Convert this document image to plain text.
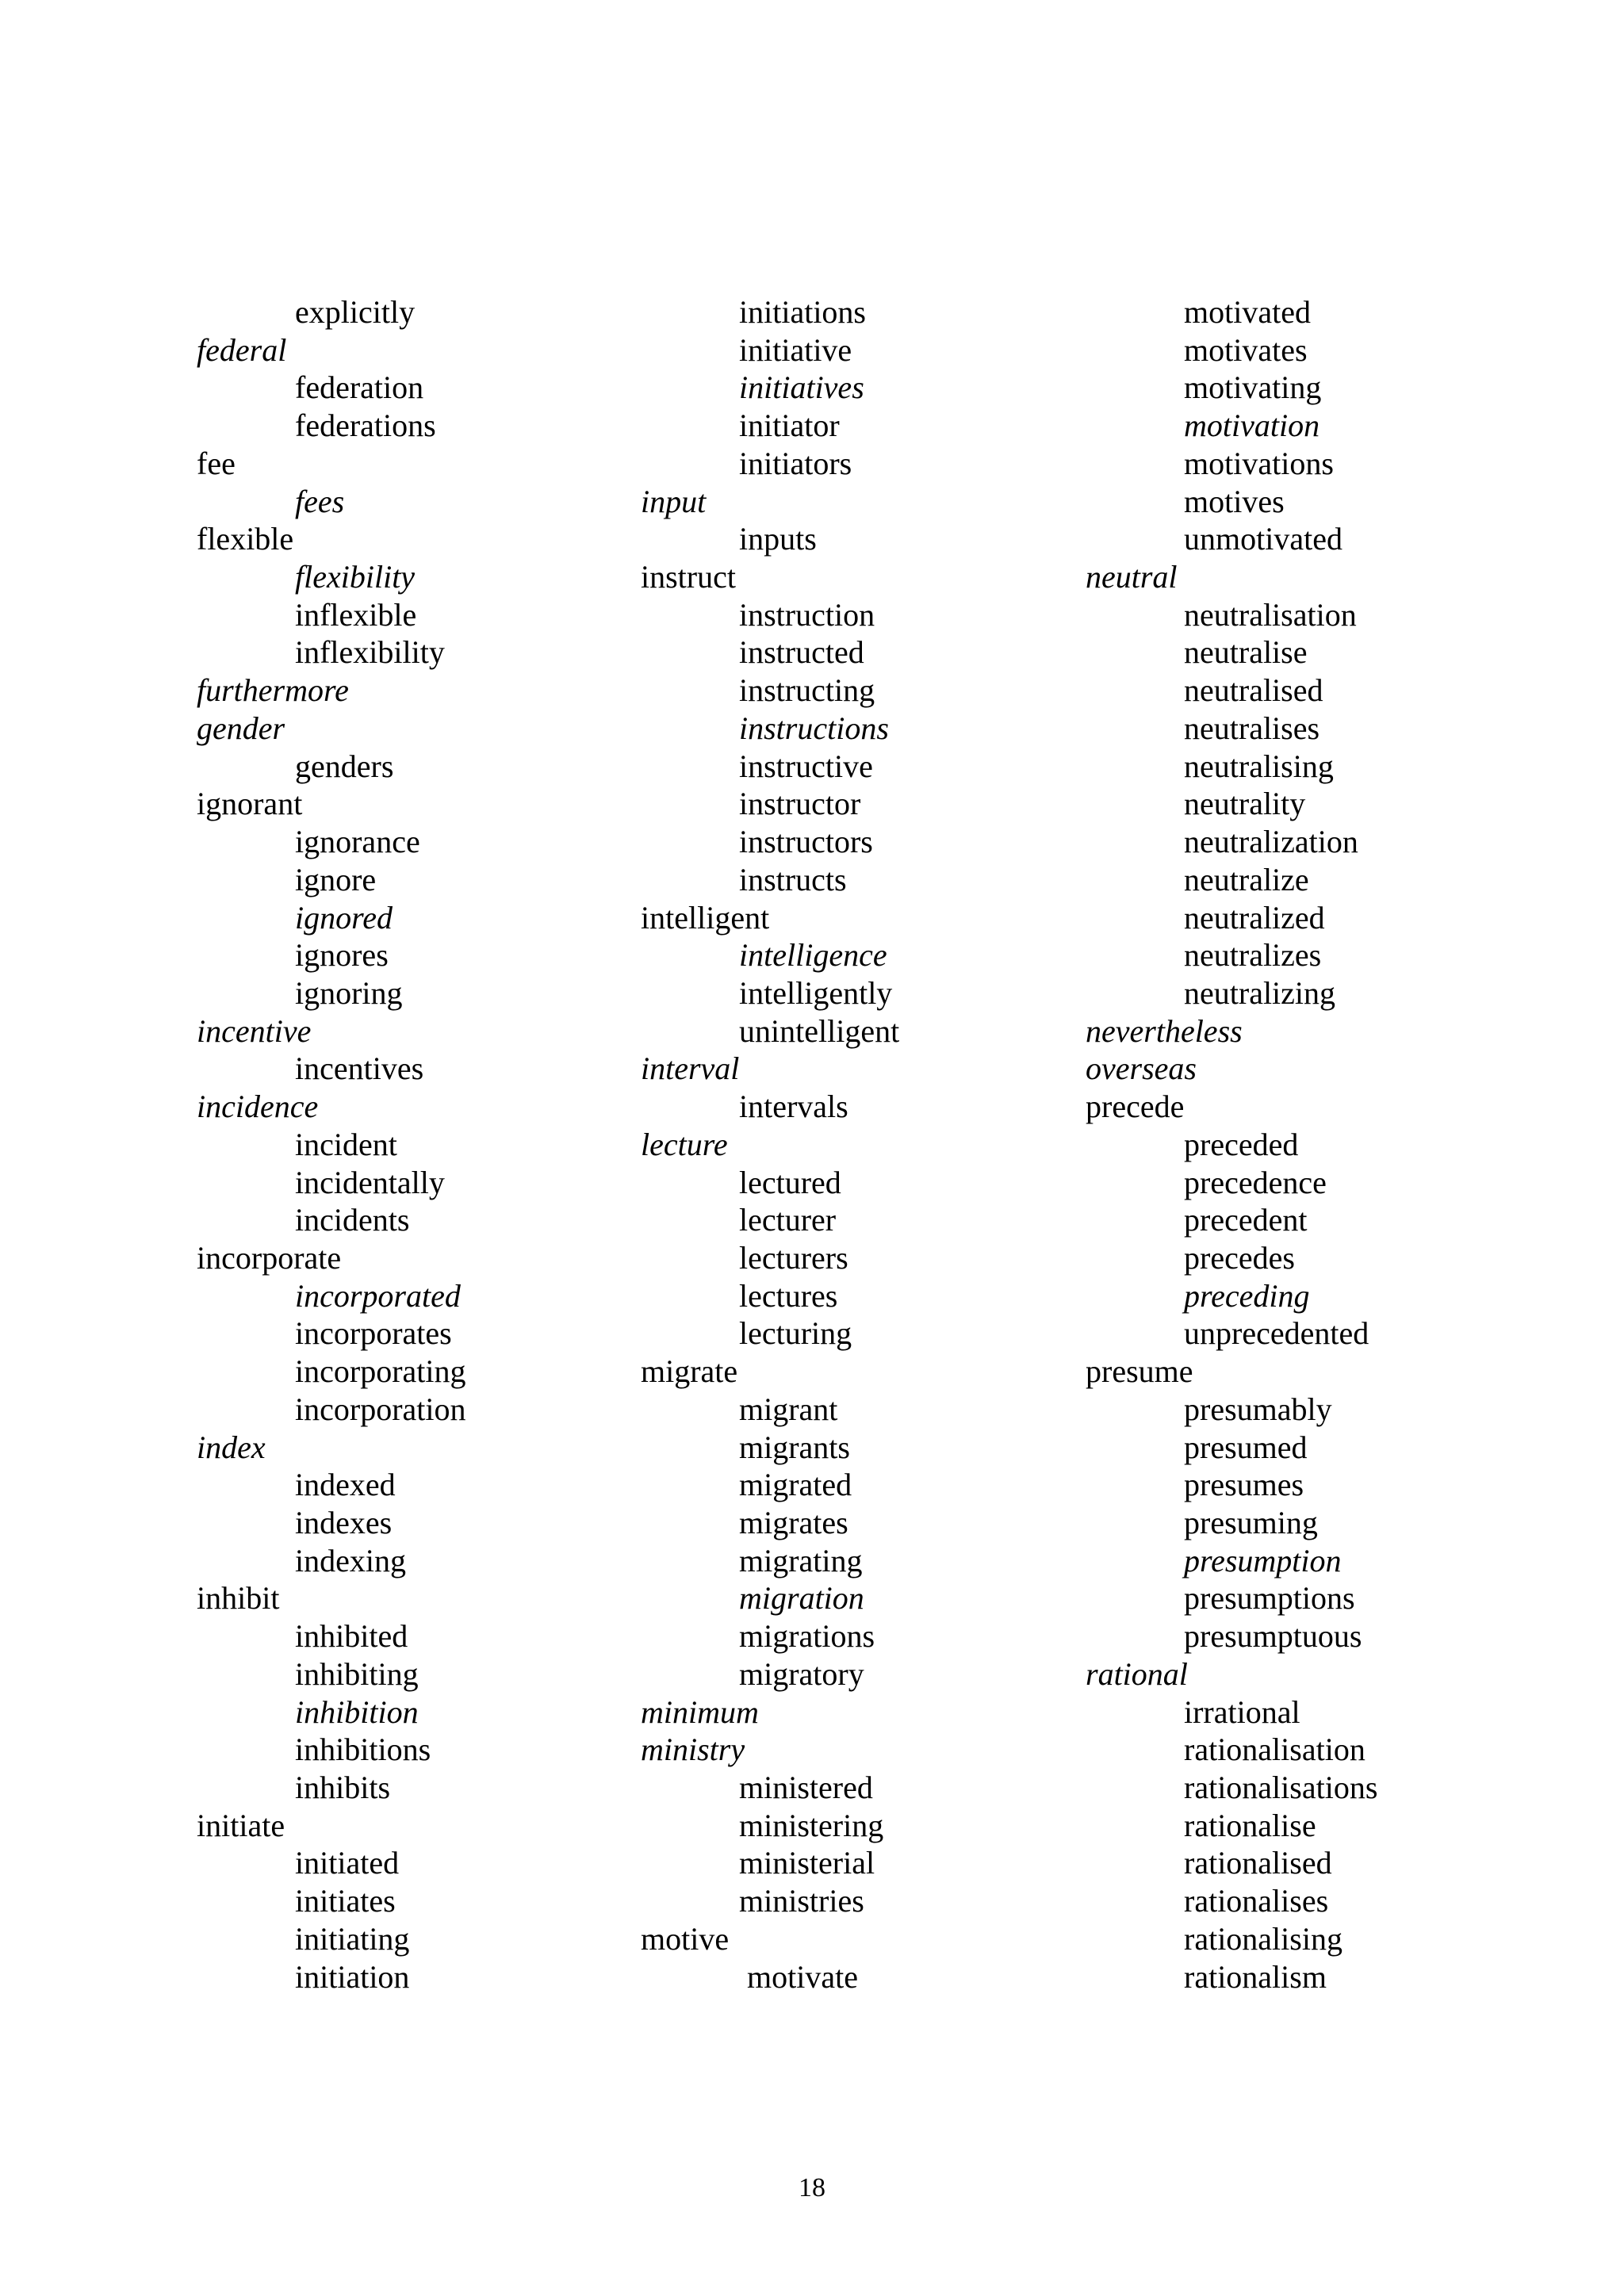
explicitly
federal
federation
federations
fee
fees
flexible
flexibility
inflexible
inflexibility
furthermore
gender
genders
ignorant
ignorance
ignore
ignored
ignores
ignoring
incentive
incentives
incidence
incident
incidentally
incidents
incorporate
incorporated
incorporates
incorporating
incorporation
index
indexed
indexes
indexing
inhibit
inhibited
inhibiting
inhibition
inhibitions
inhibits
initiate
initiated
initiates
initiating
initiation
initiations
initiative
initiatives
initiator
initiators
input
inputs
instruct
instruction
instructed
instructing
instructions
instructive
instructor
instructors
instructs
intelligent
intelligence
intelligently
unintelligent
interval
intervals
lecture
lectured
lecturer
lecturers
lectures
lecturing
migrate
migrant
migrants
migrated
migrates
migrating
migration
migrations
migratory
minimum
ministry
ministered
ministering
ministerial
ministries
motive
motivate
motivated
motivates
motivating
motivation
motivations
motives
unmotivated
neutral
neutralisation
neutralise
neutralised
neutralises
neutralising
neutrality
neutralization
neutralize
neutralized
neutralizes
neutralizing
nevertheless
overseas
precede
preceded
precedence
precedent
precedes
preceding
unprecedented
presume
presumably
presumed
presumes
presuming
presumption
presumptions
presumptuous
rational
irrational
rationalisation
rationalisations
rationalise
rationalised
rationalises
rationalising
rationalism
18
